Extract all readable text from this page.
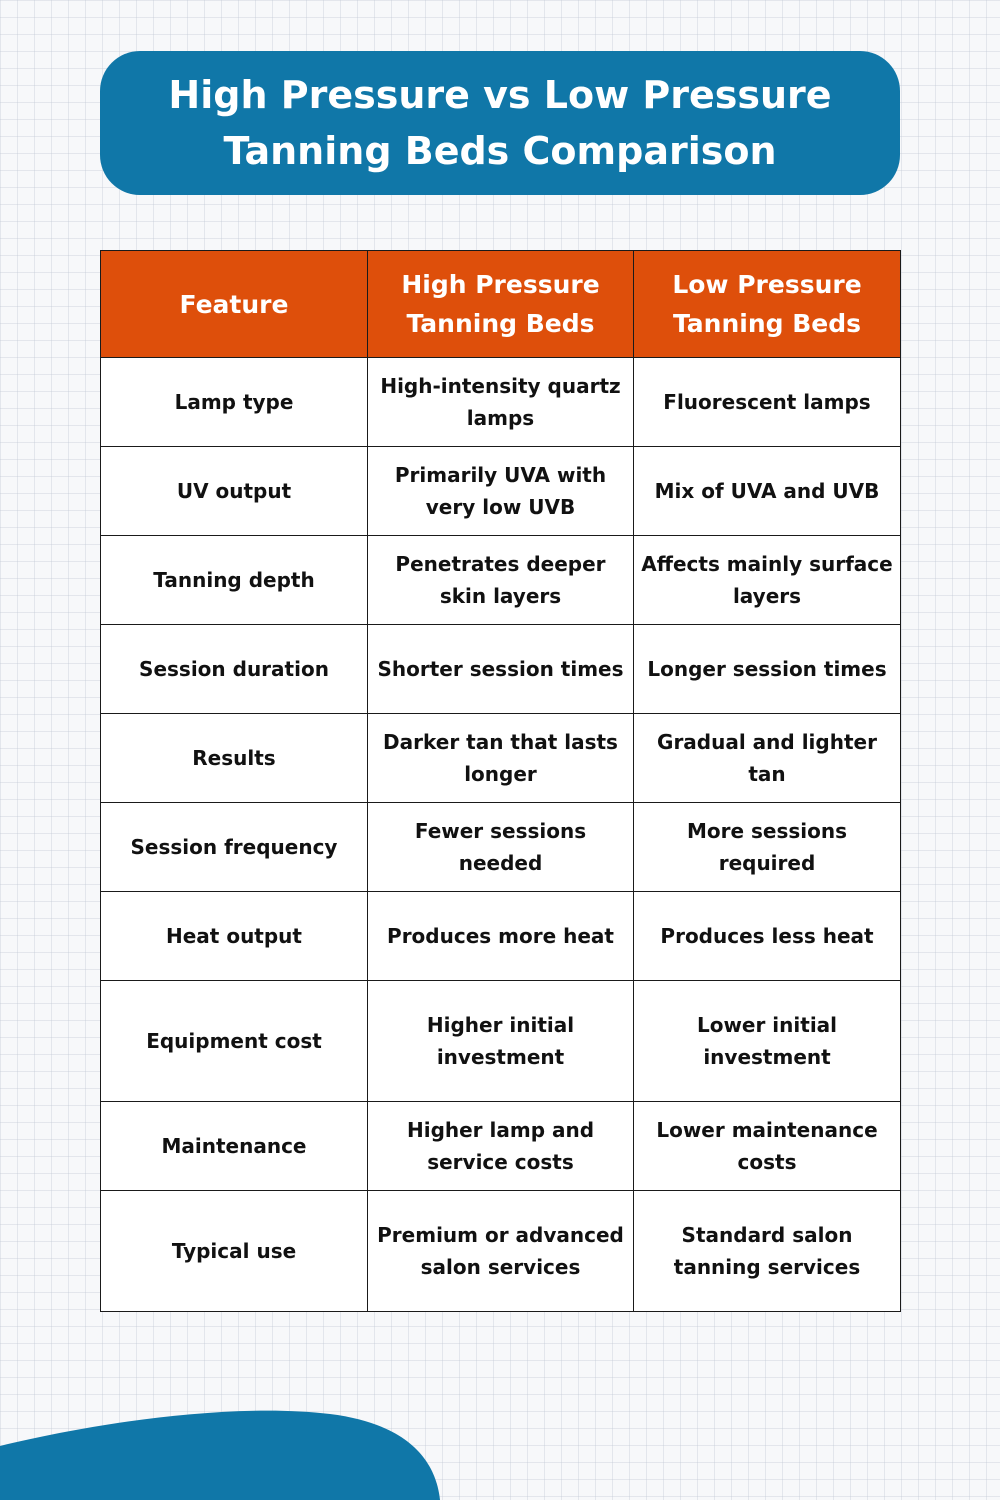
High Pressure vs Low Pressure Tanning Beds Comparison
Feature	High Pressure Tanning Beds	Low Pressure Tanning Beds
Lamp type	High-intensity quartz lamps	Fluorescent lamps
UV output	Primarily UVA with very low UVB	Mix of UVA and UVB
Tanning depth	Penetrates deeper skin layers	Affects mainly surface layers
Session duration	Shorter session times	Longer session times
Results	Darker tan that lasts longer	Gradual and lighter tan
Session frequency	Fewer sessions needed	More sessions required
Heat output	Produces more heat	Produces less heat
Equipment cost	Higher initial investment	Lower initial investment
Maintenance	Higher lamp and service costs	Lower maintenance costs
Typical use	Premium or advanced salon services	Standard salon tanning services
